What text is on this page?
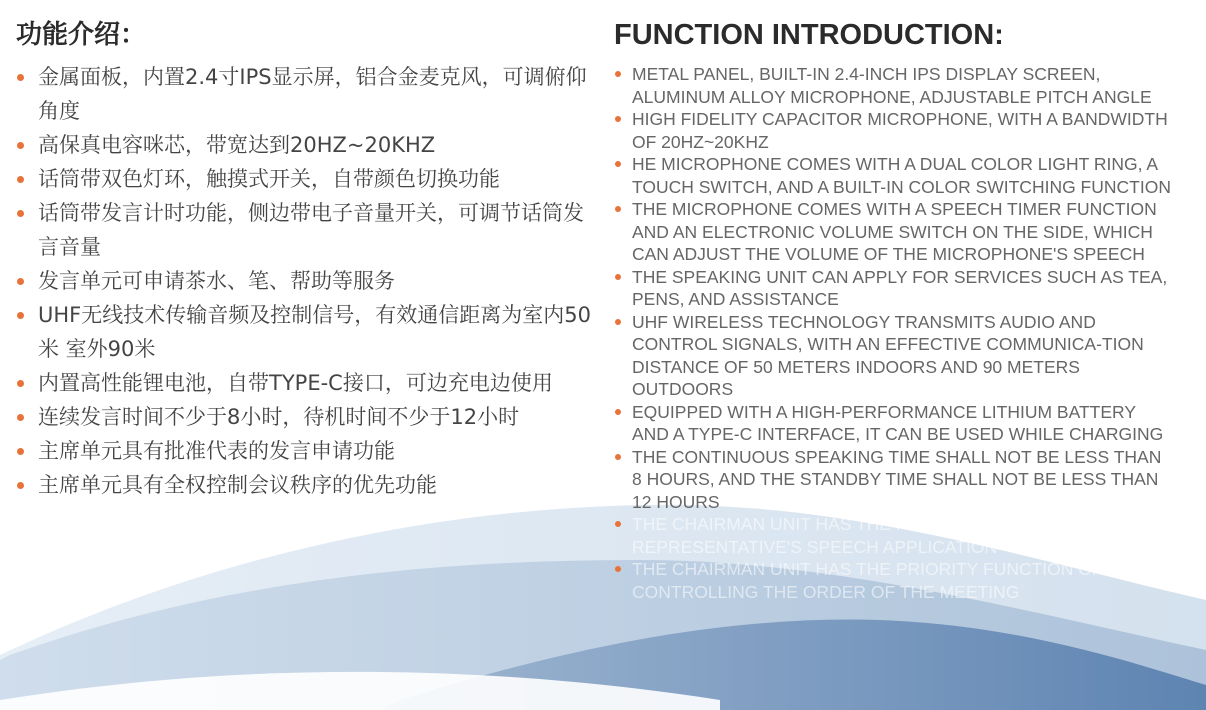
功能介绍：
金属面板，内置2.4寸IPS显示屏，铝合金麦克风，可调俯仰角度
高保真电容咪芯，带宽达到20HZ~20KHZ
话筒带双色灯环，触摸式开关，自带颜色切换功能
话筒带发言计时功能，侧边带电子音量开关，可调节话筒发言音量
发言单元可申请茶水、笔、帮助等服务
UHF无线技术传输音频及控制信号，有效通信距离为室内50米 室外90米
内置高性能锂电池，自带TYPE-C接口，可边充电边使用
连续发言时间不少于8小时，待机时间不少于12小时
主席单元具有批准代表的发言申请功能
主席单元具有全权控制会议秩序的优先功能
FUNCTION INTRODUCTION:
METAL PANEL, BUILT-IN 2.4-INCH IPS DISPLAY SCREEN, ALUMINUM ALLOY MICROPHONE, ADJUSTABLE PITCH ANGLE
HIGH FIDELITY CAPACITOR MICROPHONE, WITH A BANDWIDTH OF 20HZ~20KHZ
HE MICROPHONE COMES WITH A DUAL COLOR LIGHT RING, A TOUCH SWITCH, AND A BUILT-IN COLOR SWITCHING FUNCTION
THE MICROPHONE COMES WITH A SPEECH TIMER FUNCTION AND AN ELECTRONIC VOLUME SWITCH ON THE SIDE, WHICH CAN ADJUST THE VOLUME OF THE MICROPHONE'S SPEECH
THE SPEAKING UNIT CAN APPLY FOR SERVICES SUCH AS TEA, PENS, AND ASSISTANCE
UHF WIRELESS TECHNOLOGY TRANSMITS AUDIO AND CONTROL SIGNALS, WITH AN EFFECTIVE COMMUNICA-TION DISTANCE OF 50 METERS INDOORS AND 90 METERS OUTDOORS
EQUIPPED WITH A HIGH-PERFORMANCE LITHIUM BATTERY AND A TYPE-C INTERFACE, IT CAN BE USED WHILE CHARGING
THE CONTINUOUS SPEAKING TIME SHALL NOT BE LESS THAN 8 HOURS, AND THE STANDBY TIME SHALL NOT BE LESS THAN 12 HOURS
THE CHAIRMAN UNIT HAS THE FUNCTION OF APPROVING THE REPRESENTATIVE'S SPEECH APPLICATION
THE CHAIRMAN UNIT HAS THE PRIORITY FUNCTION OF FULLY CONTROLLING THE ORDER OF THE MEETING
